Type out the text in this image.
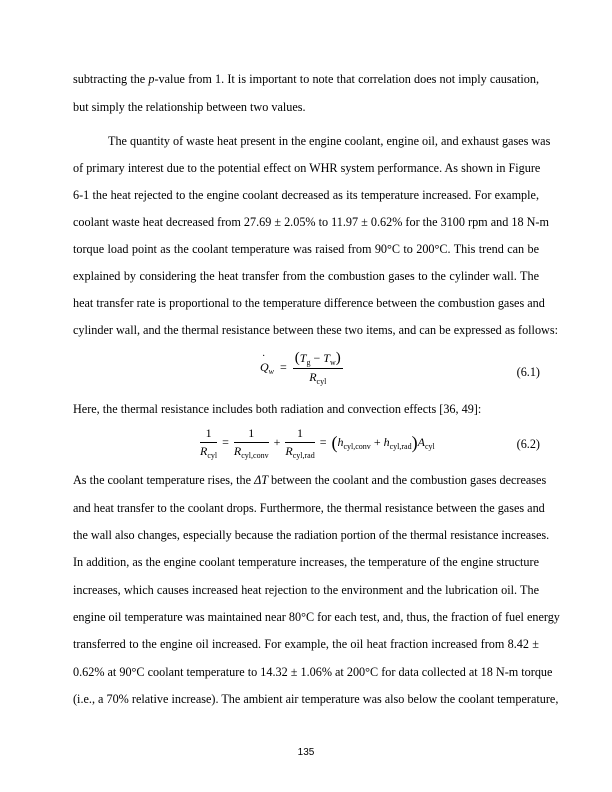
subtracting the p-value from 1. It is important to note that correlation does not imply causation,
but simply the relationship between two values.
The quantity of waste heat present in the engine coolant, engine oil, and exhaust gases was
of primary interest due to the potential effect on WHR system performance. As shown in Figure
6-1 the heat rejected to the engine coolant decreased as its temperature increased. For example,
coolant waste heat decreased from 27.69 ± 2.05% to 11.97 ± 0.62% for the 3100 rpm and 18 N-m
torque load point as the coolant temperature was raised from 90°C to 200°C. This trend can be
explained by considering the heat transfer from the combustion gases to the cylinder wall. The
heat transfer rate is proportional to the temperature difference between the combustion gases and
cylinder wall, and the thermal resistance between these two items, and can be expressed as follows:
Q
·
$_w = \frac{(T_g - T_w)}{R_{cyl}}$	(6.1)
Here, the thermal resistance includes both radiation and convection effects [36, 49]:
$\frac{1}{R_{cyl}} = \frac{1}{R_{cyl,conv}} + \frac{1}{R_{cyl,rad}} = (h_{cyl,conv} + h_{cyl,rad})A_{cyl}$	(6.2)
As the coolant temperature rises, the ΔT between the coolant and the combustion gases decreases
and heat transfer to the coolant drops. Furthermore, the thermal resistance between the gases and
the wall also changes, especially because the radiation portion of the thermal resistance increases.
In addition, as the engine coolant temperature increases, the temperature of the engine structure
increases, which causes increased heat rejection to the environment and the lubrication oil. The
engine oil temperature was maintained near 80°C for each test, and, thus, the fraction of fuel energy
transferred to the engine oil increased. For example, the oil heat fraction increased from 8.42 ±
0.62% at 90°C coolant temperature to 14.32 ± 1.06% at 200°C for data collected at 18 N-m torque
(i.e., a 70% relative increase). The ambient air temperature was also below the coolant temperature,
135
